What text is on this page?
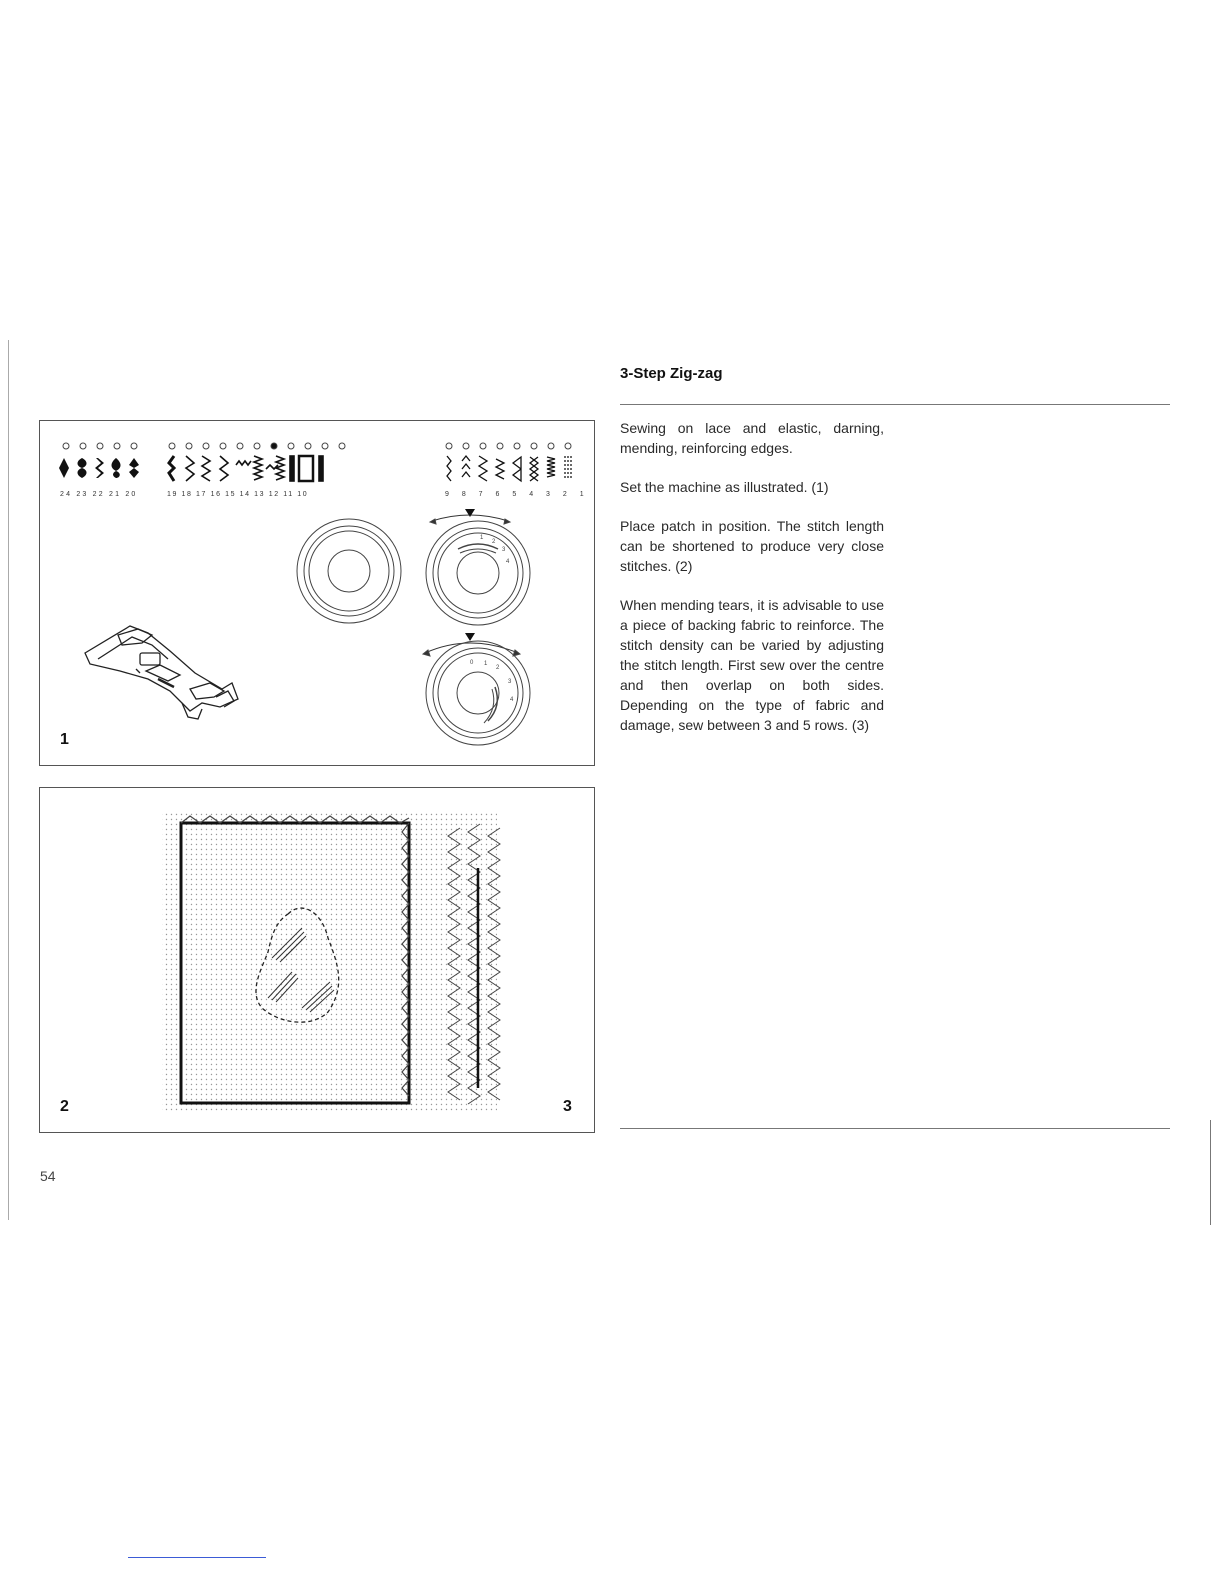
24 23 22 21 20	19 18 17 16 15 14 13 12 11 10	9 8 7 6 5 4 3 2 1
1
2
3
4
0 1
2
3
4
1
2	3
3-Step Zig-zag

Sewing on lace and elastic, darning, mending, reinforcing edges.

Set the machine as illustrated. (1)

Place patch in position. The stitch length can be shortened to produce very close stitches. (2)

When mending tears, it is advisable to use a piece of backing fabric to reinforce. The stitch density can be varied by adjusting the stitch length. First sew over the centre and then overlap on both sides. Depending on the type of fabric and damage, sew between 3 and 5 rows. (3)

54
